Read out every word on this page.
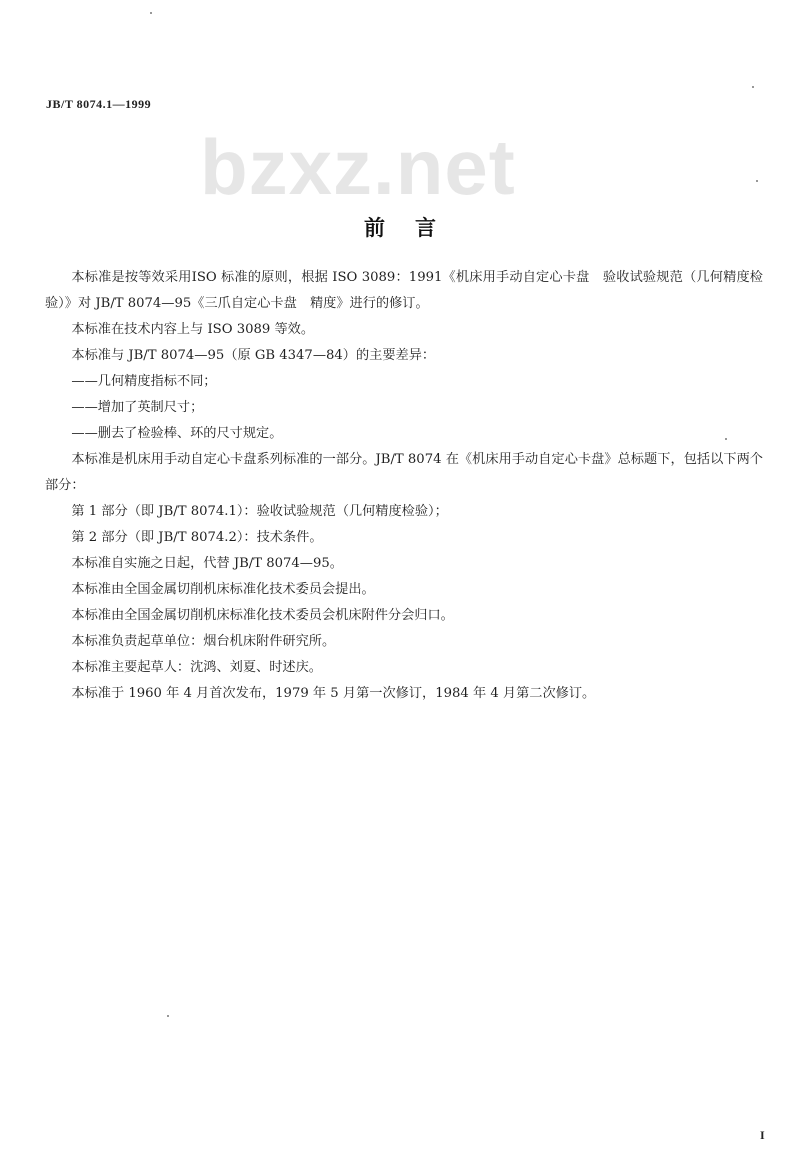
JB/T 8074.1—1999
bzxz.net
前言

本标准是按等效采用ISO 标准的原则，根据 ISO 3089：1991《机床用手动自定心卡盘　验收试验规范（几何精度检验）》对 JB/T 8074—95《三爪自定心卡盘　精度》进行的修订。

本标准在技术内容上与 ISO 3089 等效。

本标准与 JB/T 8074—95（原 GB 4347—84）的主要差异：

——几何精度指标不同；

——增加了英制尺寸；

——删去了检验棒、环的尺寸规定。

本标准是机床用手动自定心卡盘系列标准的一部分。JB/T 8074 在《机床用手动自定心卡盘》总标题下，包括以下两个部分：

第 1 部分（即 JB/T 8074.1）：验收试验规范（几何精度检验）；

第 2 部分（即 JB/T 8074.2）：技术条件。

本标准自实施之日起，代替 JB/T 8074—95。

本标准由全国金属切削机床标准化技术委员会提出。

本标准由全国金属切削机床标准化技术委员会机床附件分会归口。

本标准负责起草单位：烟台机床附件研究所。

本标准主要起草人：沈鸿、刘夏、时述庆。

本标准于 1960 年 4 月首次发布，1979 年 5 月第一次修订，1984 年 4 月第二次修订。

I
